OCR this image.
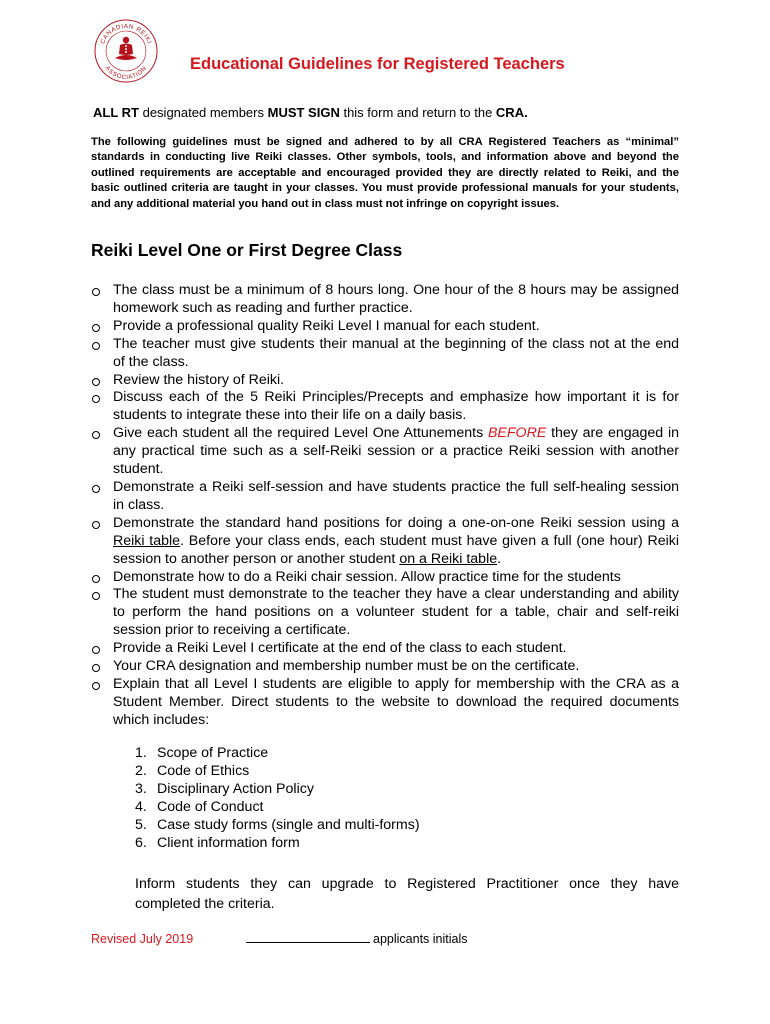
CANADIAN REIKI
ASSOCIATION	Educational Guidelines for Registered Teachers
ALL RT designated members MUST SIGN this form and return to the CRA.
The following guidelines must be signed and adhered to by all CRA Registered Teachers as “minimal” standards in conducting live Reiki classes. Other symbols, tools, and information above and beyond the outlined requirements are acceptable and encouraged provided they are directly related to Reiki, and the basic outlined criteria are taught in your classes. You must provide professional manuals for your students, and any additional material you hand out in class must not infringe on copyright issues.
Reiki Level One or First Degree Class
The class must be a minimum of 8 hours long. One hour of the 8 hours may be assigned homework such as reading and further practice.
Provide a professional quality Reiki Level I manual for each student.
The teacher must give students their manual at the beginning of the class not at the end of the class.
Review the history of Reiki.
Discuss each of the 5 Reiki Principles/Precepts and emphasize how important it is for students to integrate these into their life on a daily basis.
Give each student all the required Level One Attunements BEFORE they are engaged in any practical time such as a self-Reiki session or a practice Reiki session with another student.
Demonstrate a Reiki self-session and have students practice the full self-healing session in class.
Demonstrate the standard hand positions for doing a one-on-one Reiki session using a Reiki table. Before your class ends, each student must have given a full (one hour) Reiki session to another person or another student on a Reiki table.
Demonstrate how to do a Reiki chair session. Allow practice time for the students
The student must demonstrate to the teacher they have a clear understanding and ability to perform the hand positions on a volunteer student for a table, chair and self-reiki session prior to receiving a certificate.
Provide a Reiki Level I certificate at the end of the class to each student.
Your CRA designation and membership number must be on the certificate.
Explain that all Level I students are eligible to apply for membership with the CRA as a Student Member. Direct students to the website to download the required documents which includes:
1. Scope of Practice
2. Code of Ethics
3. Disciplinary Action Policy
4. Code of Conduct
5. Case study forms (single and multi-forms)
6. Client information form
Inform students they can upgrade to Registered Practitioner once they have completed the criteria.
Revised July 2019	applicants initials
